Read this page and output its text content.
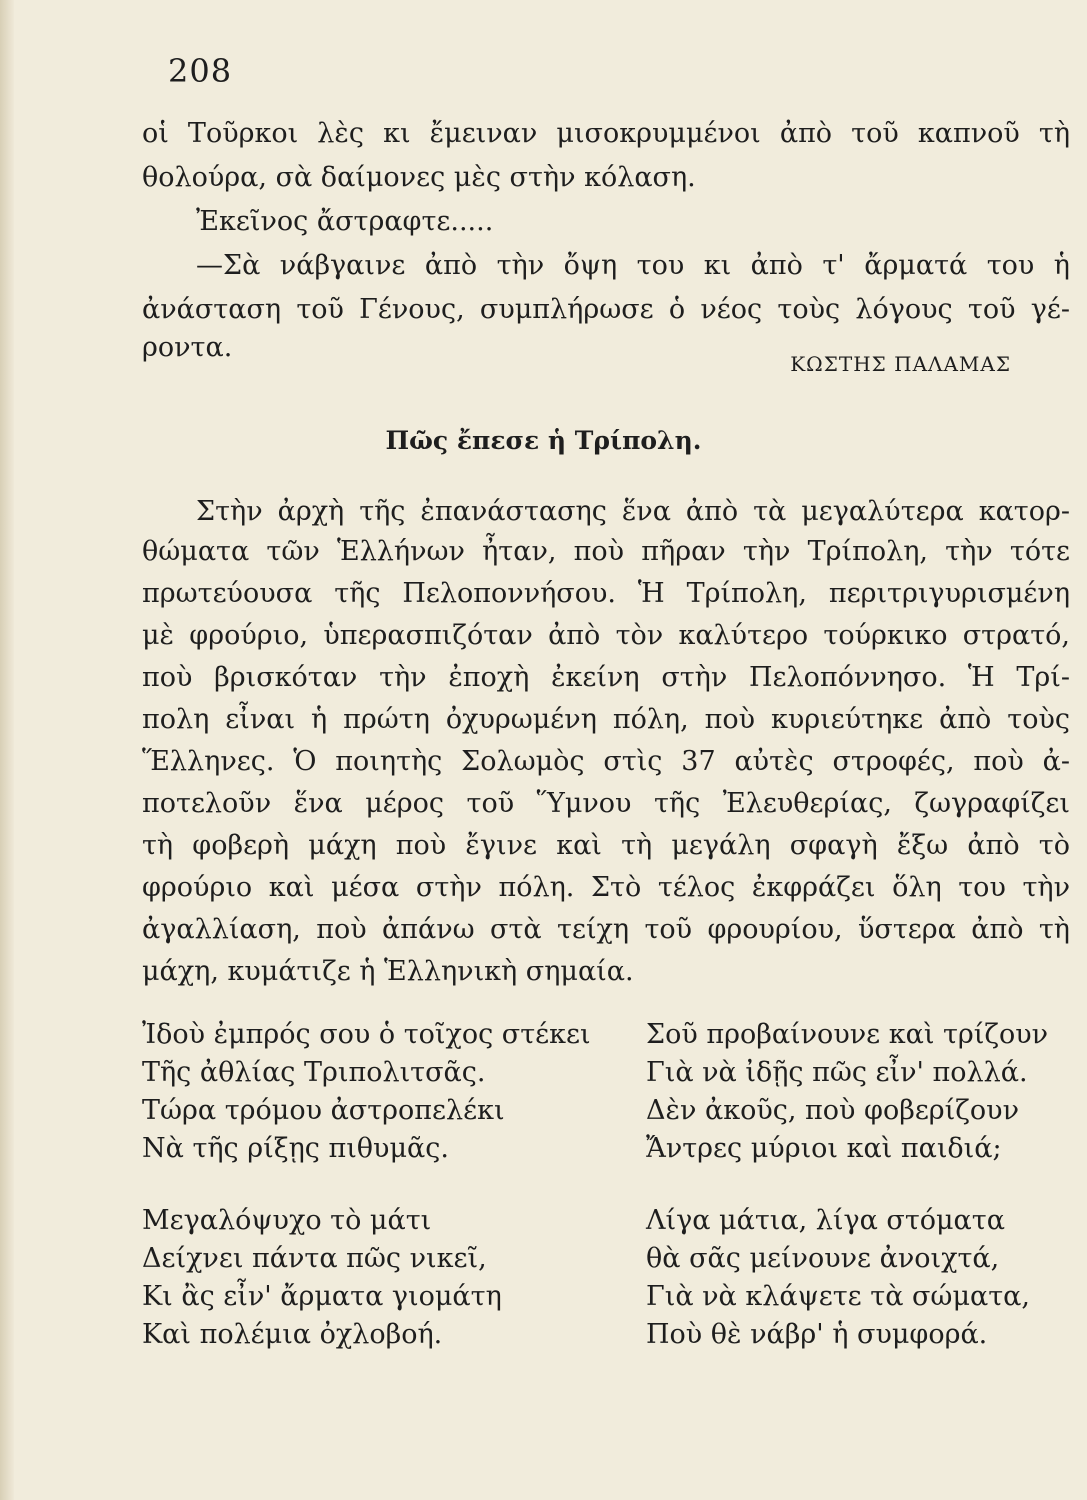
208
οἱ Τοῦρκοι λὲς κι ἔμειναν μισοκρυμμένοι ἀπὸ τοῦ καπνοῦ τὴ
θολούρα, σὰ δαίμονες μὲς στὴν κόλαση.
Ἐκεῖνος ἄστραφτε.....
—Σὰ νάβγαινε ἀπὸ τὴν ὄψη του κι ἀπὸ τ' ἄρματά του ἡ
ἀνάσταση τοῦ Γένους, συμπλήρωσε ὁ νέος τοὺς λόγους τοῦ γέ-
ροντα.
ΚΩΣΤΗΣ ΠΑΛΑΜΑΣ
Πῶς ἔπεσε ἡ Τρίπολη.
Στὴν ἀρχὴ τῆς ἐπανάστασης ἕνα ἀπὸ τὰ μεγαλύτερα κατορ-
θώματα τῶν Ἑλλήνων ἦταν, ποὺ πῆραν τὴν Τρίπολη, τὴν τότε
πρωτεύουσα τῆς Πελοποννήσου. Ἡ Τρίπολη, περιτριγυρισμένη
μὲ φρούριο, ὑπερασπιζόταν ἀπὸ τὸν καλύτερο τούρκικο στρατό,
ποὺ βρισκόταν τὴν ἐποχὴ ἐκείνη στὴν Πελοπόννησο. Ἡ Τρί-
πολη εἶναι ἡ πρώτη ὀχυρωμένη πόλη, ποὺ κυριεύτηκε ἀπὸ τοὺς
Ἕλληνες. Ὁ ποιητὴς Σολωμὸς στὶς 37 αὐτὲς στροφές, ποὺ ἀ-
ποτελοῦν ἕνα μέρος τοῦ Ὕμνου τῆς Ἐλευθερίας, ζωγραφίζει
τὴ φοβερὴ μάχη ποὺ ἔγινε καὶ τὴ μεγάλη σφαγὴ ἔξω ἀπὸ τὸ
φρούριο καὶ μέσα στὴν πόλη. Στὸ τέλος ἐκφράζει ὅλη του τὴν
ἀγαλλίαση, ποὺ ἀπάνω στὰ τείχη τοῦ φρουρίου, ὕστερα ἀπὸ τὴ
μάχη, κυμάτιζε ἡ Ἑλληνικὴ σημαία.
Ἰδοὺ ἐμπρός σου ὁ τοῖχος στέκει
Τῆς ἀθλίας Τριπολιτσᾶς.
Τώρα τρόμου ἀστροπελέκι
Νὰ τῆς ρίξῃς πιθυμᾶς.
Σοῦ προβαίνουνε καὶ τρίζουν
Γιὰ νὰ ἰδῇς πῶς εἶν' πολλά.
Δὲν ἀκοῦς, ποὺ φοβερίζουν
Ἄντρες μύριοι καὶ παιδιά;
Μεγαλόψυχο τὸ μάτι
Δείχνει πάντα πῶς νικεῖ,
Κι ἂς εἶν' ἄρματα γιομάτη
Καὶ πολέμια ὀχλοβοή.
Λίγα μάτια, λίγα στόματα
θὰ σᾶς μείνουνε ἀνοιχτά,
Γιὰ νὰ κλάψετε τὰ σώματα,
Ποὺ θὲ νάβρ' ἡ συμφορά.
